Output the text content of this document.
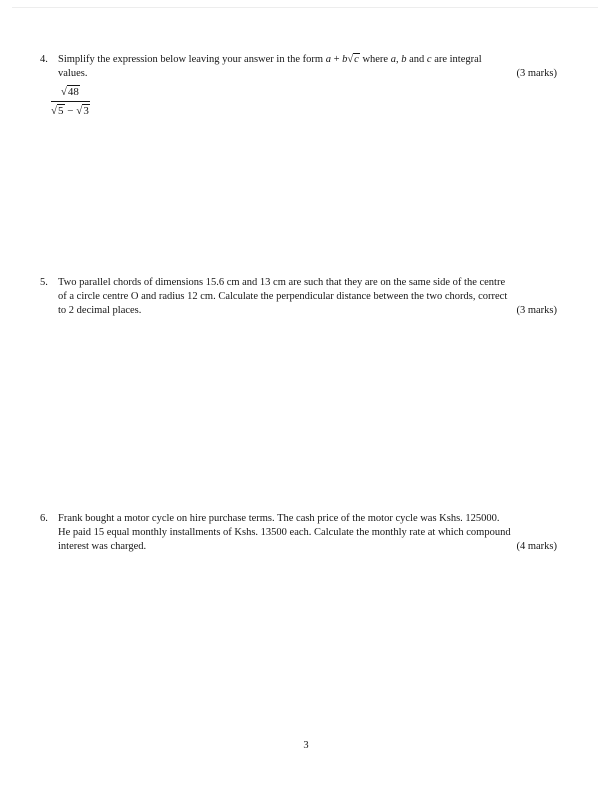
4. Simplify the expression below leaving your answer in the form a + b√c where a, b and c are integral
values.	(3 marks)
$\frac{√48}{√5 - √3}$
5. Two parallel chords of dimensions 15.6 cm and 13 cm are such that they are on the same side of the centre
of a circle centre O and radius 12 cm. Calculate the perpendicular distance between the two chords, correct
to 2 decimal places.	(3 marks)
6. Frank bought a motor cycle on hire purchase terms. The cash price of the motor cycle was Kshs. 125000.
He paid 15 equal monthly installments of Kshs. 13500 each. Calculate the monthly rate at which compound
interest was charged.	(4 marks)
3
